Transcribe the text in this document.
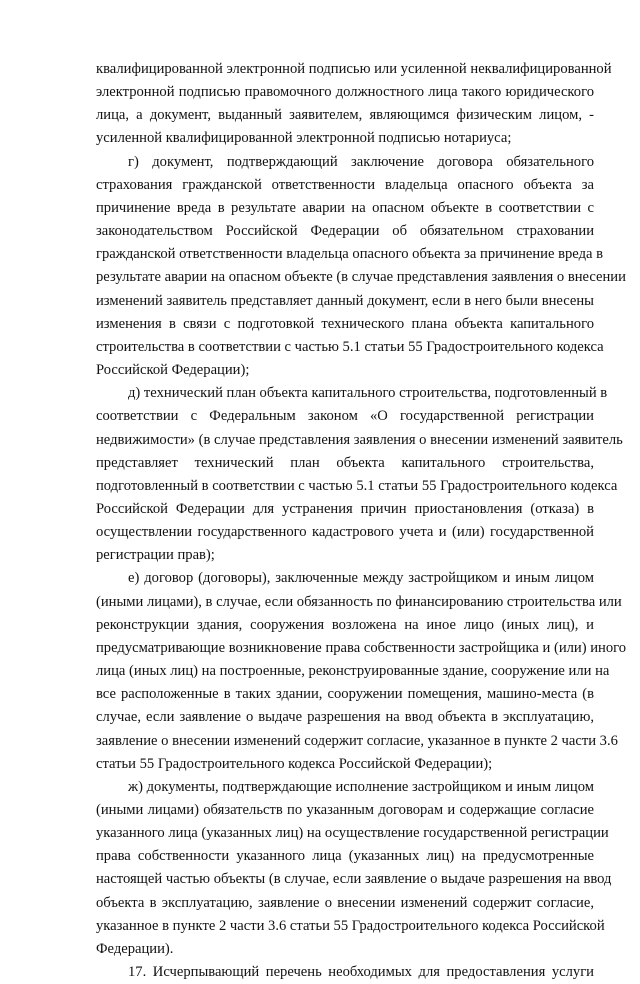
квалифицированной электронной подписью или усиленной неквалифицированной
электронной подписью правомочного должностного лица такого юридического
лица, а документ, выданный заявителем, являющимся физическим лицом, -
усиленной квалифицированной электронной подписью нотариуса;
г) документ, подтверждающий заключение договора обязательного
страхования гражданской ответственности владельца опасного объекта за
причинение вреда в результате аварии на опасном объекте в соответствии с
законодательством Российской Федерации об обязательном страховании
гражданской ответственности владельца опасного объекта за причинение вреда в
результате аварии на опасном объекте (в случае представления заявления о внесении
изменений заявитель представляет данный документ, если в него были внесены
изменения в связи с подготовкой технического плана объекта капитального
строительства в соответствии с частью 5.1 статьи 55 Градостроительного кодекса
Российской Федерации);
д) технический план объекта капитального строительства, подготовленный в
соответствии с Федеральным законом «О государственной регистрации
недвижимости» (в случае представления заявления о внесении изменений заявитель
представляет технический план объекта капитального строительства,
подготовленный в соответствии с частью 5.1 статьи 55 Градостроительного кодекса
Российской Федерации для устранения причин приостановления (отказа) в
осуществлении государственного кадастрового учета и (или) государственной
регистрации прав);
е) договор (договоры), заключенные между застройщиком и иным лицом
(иными лицами), в случае, если обязанность по финансированию строительства или
реконструкции здания, сооружения возложена на иное лицо (иных лиц), и
предусматривающие возникновение права собственности застройщика и (или) иного
лица (иных лиц) на построенные, реконструированные здание, сооружение или на
все расположенные в таких здании, сооружении помещения, машино-места (в
случае, если заявление о выдаче разрешения на ввод объекта в эксплуатацию,
заявление о внесении изменений содержит согласие, указанное в пункте 2 части 3.6
статьи 55 Градостроительного кодекса Российской Федерации);
ж) документы, подтверждающие исполнение застройщиком и иным лицом
(иными лицами) обязательств по указанным договорам и содержащие согласие
указанного лица (указанных лиц) на осуществление государственной регистрации
права собственности указанного лица (указанных лиц) на предусмотренные
настоящей частью объекты (в случае, если заявление о выдаче разрешения на ввод
объекта в эксплуатацию, заявление о внесении изменений содержит согласие,
указанное в пункте 2 части 3.6 статьи 55 Градостроительного кодекса Российской
Федерации).
17. Исчерпывающий перечень необходимых для предоставления услуги
